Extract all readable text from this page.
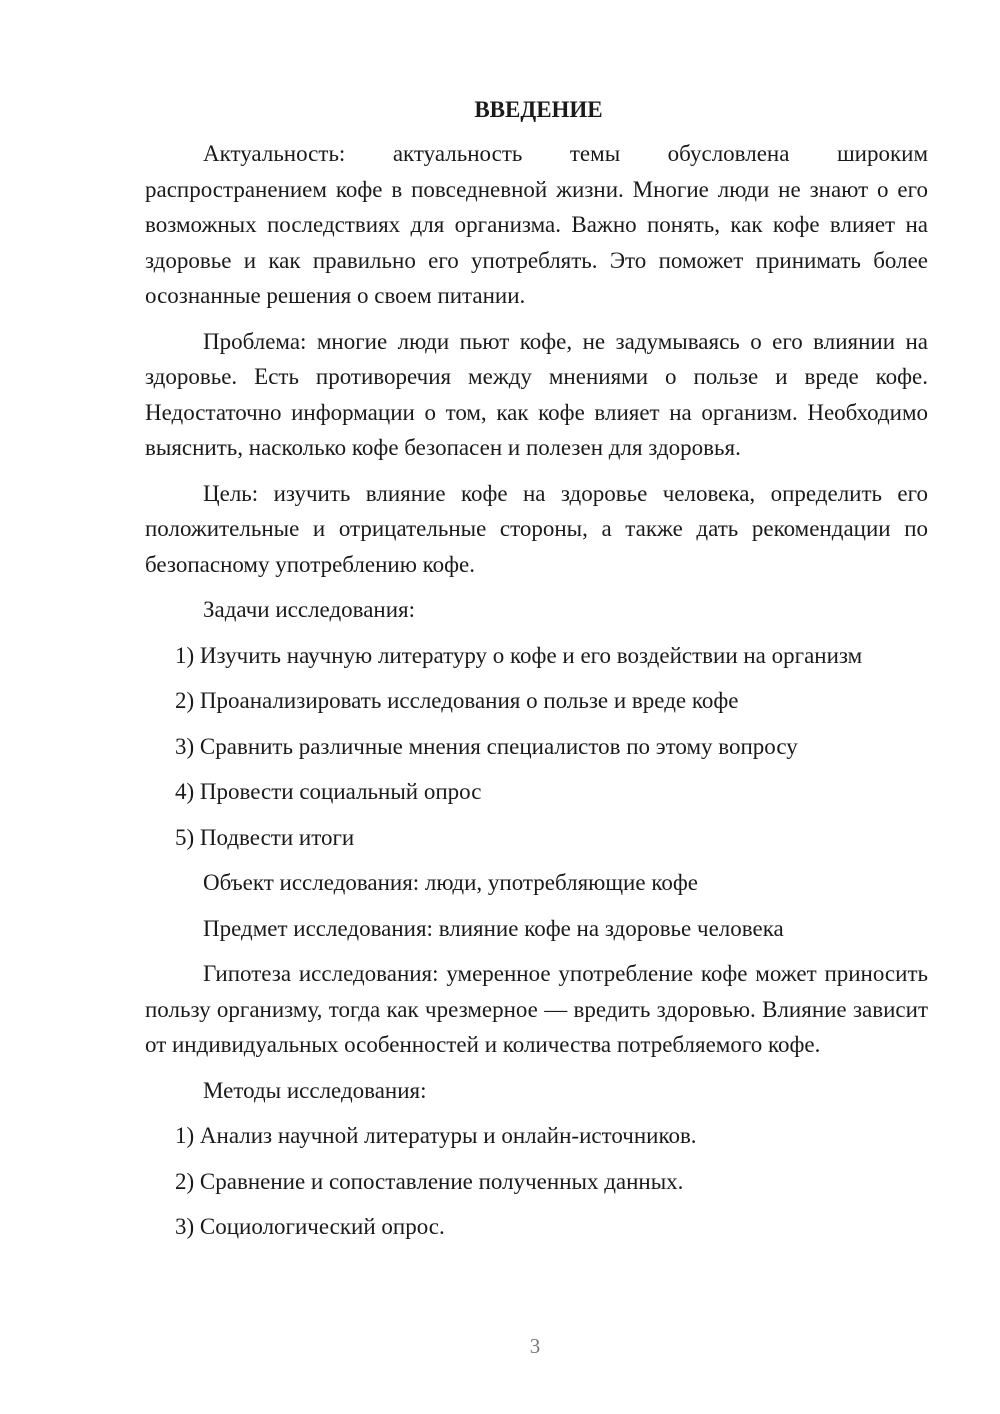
ВВЕДЕНИЕ

Актуальность: актуальность темы обусловлена широким распространением кофе в повседневной жизни. Многие люди не знают о его возможных последствиях для организма. Важно понять, как кофе влияет на здоровье и как правильно его употреблять. Это поможет принимать более осознанные решения о своем питании.

Проблема: многие люди пьют кофе, не задумываясь о его влиянии на здоровье. Есть противоречия между мнениями о пользе и вреде кофе. Недостаточно информации о том, как кофе влияет на организм. Необходимо выяснить, насколько кофе безопасен и полезен для здоровья.

Цель: изучить влияние кофе на здоровье человека, определить его положительные и отрицательные стороны, а также дать рекомендации по безопасному употреблению кофе.

Задачи исследования:
1) Изучить научную литературу о кофе и его воздействии на организм
2) Проанализировать исследования о пользе и вреде кофе
3) Сравнить различные мнения специалистов по этому вопросу
4) Провести социальный опрос
5) Подвести итоги
Объект исследования: люди, употребляющие кофе
Предмет исследования: влияние кофе на здоровье человека

Гипотеза исследования: умеренное употребление кофе может приносить пользу организму, тогда как чрезмерное — вредить здоровью. Влияние зависит от индивидуальных особенностей и количества потребляемого кофе.

Методы исследования:
1) Анализ научной литературы и онлайн-источников.
2) Сравнение и сопоставление полученных данных.
3) Социологический опрос.
3
